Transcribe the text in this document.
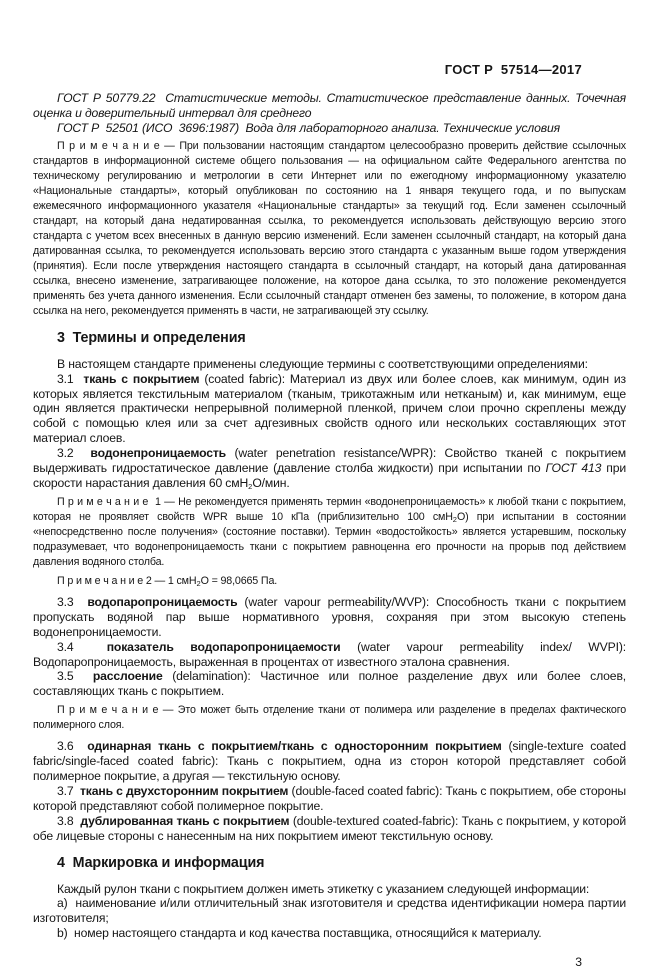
ГОСТ Р  57514—2017

ГОСТ Р 50779.22  Статистические методы. Статистическое представление данных. Точечная оценка и доверительный интервал для среднего

ГОСТ Р  52501 (ИСО  3696:1987)  Вода для лабораторного анализа. Технические условия

П р и м е ч а н и е — При пользовании настоящим стандартом целесообразно проверить действие ссылочных стандартов в информационной системе общего пользования — на официальном сайте Федерального агентства по техническому регулированию и метрологии в сети Интернет или по ежегодному информационному указателю «Национальные стандарты», который опубликован по состоянию на 1 января текущего года, и по выпускам ежемесячного информационного указателя «Национальные стандарты» за текущий год. Если заменен ссылочный стандарт, на который дана недатированная ссылка, то рекомендуется использовать действующую версию этого стандарта с учетом всех внесенных в данную версию изменений. Если заменен ссылочный стандарт, на который дана датированная ссылка, то рекомендуется использовать версию этого стандарта с указанным выше годом утверждения (принятия). Если после утверждения настоящего стандарта в ссылочный стандарт, на который дана датированная ссылка, внесено изменение, затрагивающее положение, на которое дана ссылка, то это положение рекомендуется применять без учета данного изменения. Если ссылочный стандарт отменен без замены, то положение, в котором дана ссылка на него, рекомендуется применять в части, не затрагивающей эту ссылку.

3  Термины и определения

В настоящем стандарте применены следующие термины с соответствующими определениями:

3.1  ткань с покрытием (coated fabric): Материал из двух или более слоев, как минимум, один из которых является текстильным материалом (тканым, трикотажным или нетканым) и, как минимум, еще один является практически непрерывной полимерной пленкой, причем слои прочно скреплены между собой с помощью клея или за счет адгезивных свойств одного или нескольких составляющих этот материал слоев.

3.2  водонепроницаемость (water penetration resistance/WPR): Свойство тканей с покрытием выдерживать гидростатическое давление (давление столба жидкости) при испытании по ГОСТ 413 при скорости нарастания давления 60 смН$_2$О/мин.

П р и м е ч а н и е  1 — Не рекомендуется применять термин «водонепроницаемость» к любой ткани с покрытием, которая не проявляет свойств WPR выше 10 кПа (приблизительно 100 смН$_2$О) при испытании в состоянии «непосредственно после получения» (состояние поставки). Термин «водостойкость» является устаревшим, поскольку подразумевает, что водонепроницаемость ткани с покрытием равноценна его прочности на прорыв под действием давления водяного столба.

П р и м е ч а н и е 2 — 1 смН$_2$О = 98,0665 Па.

3.3  водопаропроницаемость (water vapour permeability/WVP): Способность ткани с покрытием пропускать водяной пар выше нормативного уровня, сохраняя при этом высокую степень водонепроницаемости.

3.4  показатель водопаропроницаемости (water vapour permeability index/ WVPI): Водопаропроницаемость, выраженная в процентах от известного эталона сравнения.

3.5  расслоение (delamination): Частичное или полное разделение двух или более слоев, составляющих ткань с покрытием.

П р и м е ч а н и е — Это может быть отделение ткани от полимера или разделение в пределах фактического полимерного слоя.

3.6  одинарная ткань с покрытием/ткань с односторонним покрытием (single-texture coated fabric/single-faced coated fabric): Ткань с покрытием, одна из сторон которой представляет собой полимерное покрытие, а другая — текстильную основу.

3.7  ткань с двухсторонним покрытием (double-faced coated fabric): Ткань с покрытием, обе стороны которой представляют собой полимерное покрытие.

3.8  дублированная ткань с покрытием (double-textured coated-fabric): Ткань с покрытием, у которой обе лицевые стороны с нанесенным на них покрытием имеют текстильную основу.

4  Маркировка и информация

Каждый рулон ткани с покрытием должен иметь этикетку с указанием следующей информации:

a)  наименование и/или отличительный знак изготовителя и средства идентификации номера партии изготовителя;

b)  номер настоящего стандарта и код качества поставщика, относящийся к материалу.

3
